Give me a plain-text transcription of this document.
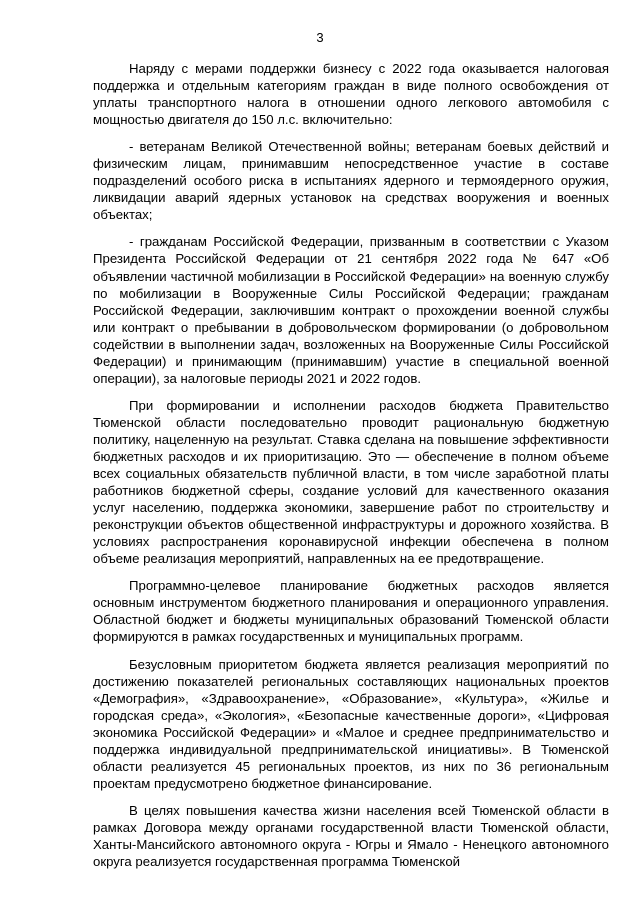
3

Наряду с мерами поддержки бизнесу с 2022 года оказывается налоговая поддержка и отдельным категориям граждан в виде полного освобождения от уплаты транспортного налога в отношении одного легкового автомобиля с мощностью двигателя до 150 л.с. включительно:

- ветеранам Великой Отечественной войны; ветеранам боевых действий и физическим лицам, принимавшим непосредственное участие в составе подразделений особого риска в испытаниях ядерного и термоядерного оружия, ликвидации аварий ядерных установок на средствах вооружения и военных объектах;

- гражданам Российской Федерации, призванным в соответствии с Указом Президента Российской Федерации от 21 сентября 2022 года № 647 «Об объявлении частичной мобилизации в Российской Федерации» на военную службу по мобилизации в Вооруженные Силы Российской Федерации; гражданам Российской Федерации, заключившим контракт о прохождении военной службы или контракт о пребывании в добровольческом формировании (о добровольном содействии в выполнении задач, возложенных на Вооруженные Силы Российской Федерации) и принимающим (принимавшим) участие в специальной военной операции), за налоговые периоды 2021 и 2022 годов.

При формировании и исполнении расходов бюджета Правительство Тюменской области последовательно проводит рациональную бюджетную политику, нацеленную на результат. Ставка сделана на повышение эффективности бюджетных расходов и их приоритизацию. Это — обеспечение в полном объеме всех социальных обязательств публичной власти, в том числе заработной платы работников бюджетной сферы, создание условий для качественного оказания услуг населению, поддержка экономики, завершение работ по строительству и реконструкции объектов общественной инфраструктуры и дорожного хозяйства. В условиях распространения коронавирусной инфекции обеспечена в полном объеме реализация мероприятий, направленных на ее предотвращение.

Программно-целевое планирование бюджетных расходов является основным инструментом бюджетного планирования и операционного управления. Областной бюджет и бюджеты муниципальных образований Тюменской области формируются в рамках государственных и муниципальных программ.

Безусловным приоритетом бюджета является реализация мероприятий по достижению показателей региональных составляющих национальных проектов «Демография», «Здравоохранение», «Образование», «Культура», «Жилье и городская среда», «Экология», «Безопасные качественные дороги», «Цифровая экономика Российской Федерации» и «Малое и среднее предпринимательство и поддержка индивидуальной предпринимательской инициативы». В Тюменской области реализуется 45 региональных проектов, из них по 36 региональным проектам предусмотрено бюджетное финансирование.

В целях повышения качества жизни населения всей Тюменской области в рамках Договора между органами государственной власти Тюменской области, Ханты-Мансийского автономного округа - Югры и Ямало - Ненецкого автономного округа реализуется государственная программа Тюменской
